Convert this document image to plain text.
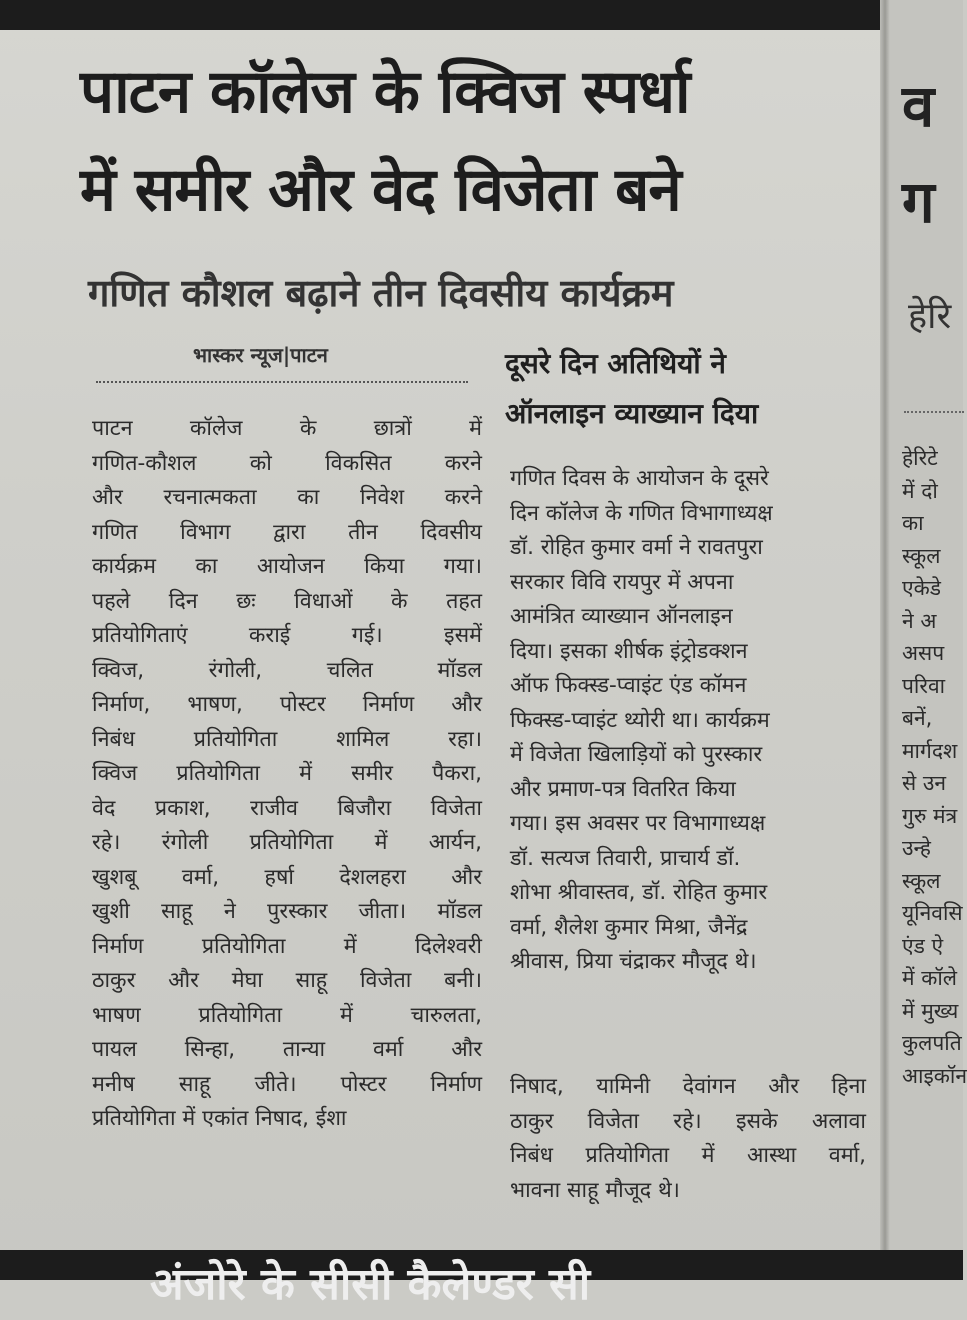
पाटन कॉलेज के क्विज स्पर्धा
में समीर और वेद विजेता बने
गणित कौशल बढ़ाने तीन दिवसीय कार्यक्रम
भास्कर न्यूज|पाटन
पाटन कॉलेज के छात्रों में
गणित-कौशल को विकसित करने
और रचनात्मकता का निवेश करने
गणित विभाग द्वारा तीन दिवसीय
कार्यक्रम का आयोजन किया गया।
पहले दिन छः विधाओं के तहत
प्रतियोगिताएं कराई गई। इसमें
क्विज, रंगोली, चलित मॉडल
निर्माण, भाषण, पोस्टर निर्माण और
निबंध प्रतियोगिता शामिल रहा।
क्विज प्रतियोगिता में समीर पैकरा,
वेद प्रकाश, राजीव बिजौरा विजेता
रहे। रंगोली प्रतियोगिता में आर्यन,
खुशबू वर्मा, हर्षा देशलहरा और
खुशी साहू ने पुरस्कार जीता। मॉडल
निर्माण प्रतियोगिता में दिलेश्वरी
ठाकुर और मेघा साहू विजेता बनी।
भाषण प्रतियोगिता में चारुलता,
पायल सिन्हा, तान्या वर्मा और
मनीष साहू जीते। पोस्टर निर्माण
प्रतियोगिता में एकांत निषाद, ईशा
दूसरे दिन अतिथियों ने
ऑनलाइन व्याख्यान दिया
गणित दिवस के आयोजन के दूसरे
दिन कॉलेज के गणित विभागाध्यक्ष
डॉ. रोहित कुमार वर्मा ने रावतपुरा
सरकार विवि रायपुर में अपना
आमंत्रित व्याख्यान ऑनलाइन
दिया। इसका शीर्षक इंट्रोडक्शन
ऑफ फिक्स्ड-प्वाइंट एंड कॉमन
फिक्स्ड-प्वाइंट थ्योरी था। कार्यक्रम
में विजेता खिलाड़ियों को पुरस्कार
और प्रमाण-पत्र वितरित किया
गया। इस अवसर पर विभागाध्यक्ष
डॉ. सत्यज तिवारी, प्राचार्य डॉ.
शोभा श्रीवास्तव, डॉ. रोहित कुमार
वर्मा, शैलेश कुमार मिश्रा, जैनेंद्र
श्रीवास, प्रिया चंद्राकर मौजूद थे।
निषाद, यामिनी देवांगन और हिना
ठाकुर विजेता रहे। इसके अलावा
निबंध प्रतियोगिता में आस्था वर्मा,
भावना साहू मौजूद थे।
व
ग
हेरि
हेरिटे
में दो
का
स्कूल
एकेडे
ने अ
असप
परिवा
बनें,
मार्गदश
से उन
गुरु मंत्र
उन्हे
स्कूल
यूनिवसि
एंड ऐ
में कॉले
में मुख्य
कुलपति
आइकॉन
अंजोरे के सीसी कैलेण्डर सी
